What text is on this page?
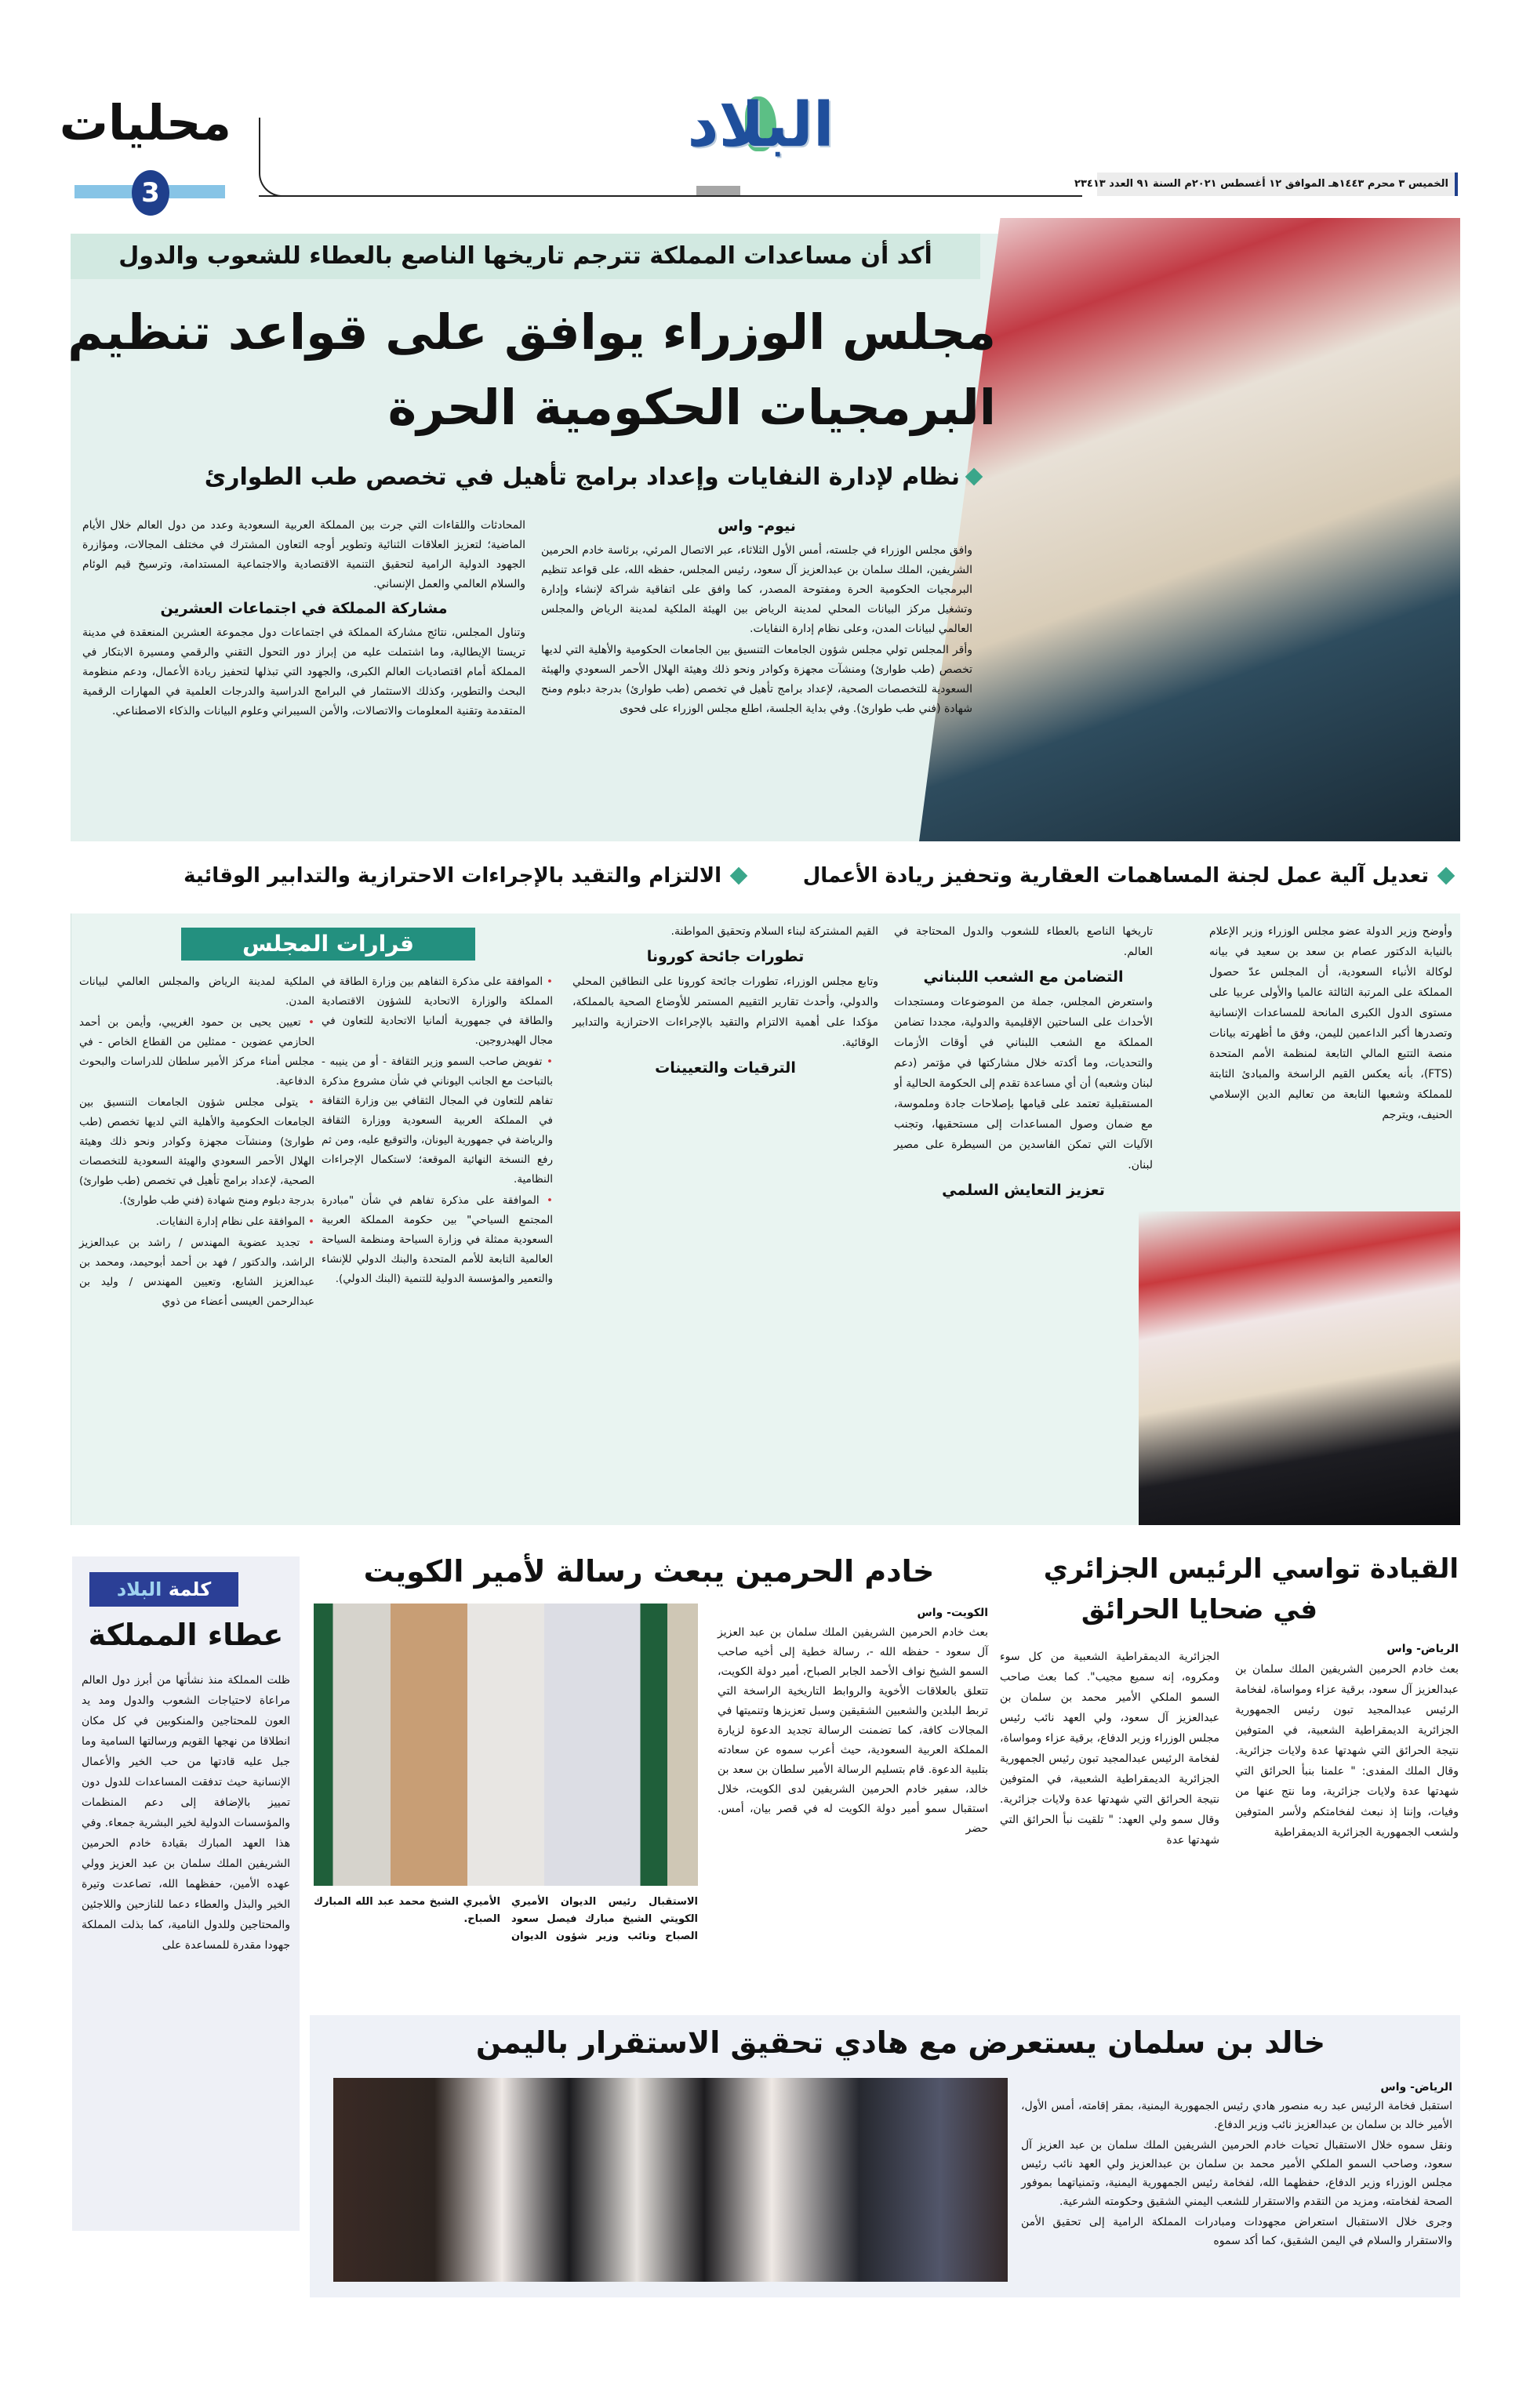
الخميس ٣ محرم ١٤٤٣هـ الموافق ١٢ أغسطس ٢٠٢١م السنة ٩١ العدد ٢٣٤١٣
البلاد
محليات
3
أكد أن مساعدات المملكة تترجم تاريخها الناصع بالعطاء للشعوب والدول
مجلس الوزراء يوافق على قواعد تنظيم
البرمجيات الحكومية الحرة
نظام لإدارة النفايات وإعداد برامج تأهيل في تخصص طب الطوارئ
نيوم- واس

وافق مجلس الوزراء في جلسته، أمس الأول الثلاثاء، عبر الاتصال المرئي، برئاسة خادم الحرمين الشريفين، الملك سلمان بن عبدالعزيز آل سعود، رئيس المجلس، حفظه الله، على قواعد تنظيم البرمجيات الحكومية الحرة ومفتوحة المصدر، كما وافق على اتفاقية شراكة لإنشاء وإدارة وتشغيل مركز البيانات المحلي لمدينة الرياض بين الهيئة الملكية لمدينة الرياض والمجلس العالمي لبيانات المدن، وعلى نظام إدارة النفايات.

وأقر المجلس تولي مجلس شؤون الجامعات التنسيق بين الجامعات الحكومية والأهلية التي لديها تخصص (طب طوارئ) ومنشآت مجهزة وكوادر ونحو ذلك وهيئة الهلال الأحمر السعودي والهيئة السعودية للتخصصات الصحية، لإعداد برامج تأهيل في تخصص (طب طوارئ) بدرجة دبلوم ومنح شهادة (فني طب طوارئ). وفي بداية الجلسة، اطلع مجلس الوزراء على فحوى

المحادثات واللقاءات التي جرت بين المملكة العربية السعودية وعدد من دول العالم خلال الأيام الماضية؛ لتعزيز العلاقات الثنائية وتطوير أوجه التعاون المشترك في مختلف المجالات، ومؤازرة الجهود الدولية الرامية لتحقيق التنمية الاقتصادية والاجتماعية المستدامة، وترسيخ قيم الوئام والسلام العالمي والعمل الإنساني.

مشاركة المملكة في اجتماعات العشرين

وتناول المجلس، نتائج مشاركة المملكة في اجتماعات دول مجموعة العشرين المنعقدة في مدينة تريستا الإيطالية، وما اشتملت عليه من إبراز دور التحول التقني والرقمي ومسيرة الابتكار في المملكة أمام اقتصاديات العالم الكبرى، والجهود التي تبذلها لتحفيز ريادة الأعمال، ودعم منظومة البحث والتطوير، وكذلك الاستثمار في البرامج الدراسية والدرجات العلمية في المهارات الرقمية المتقدمة وتقنية المعلومات والاتصالات، والأمن السيبراني وعلوم البيانات والذكاء الاصطناعي.

تعديل آلية عمل لجنة المساهمات العقارية وتحفيز ريادة الأعمال
الالتزام والتقيد بالإجراءات الاحترازية والتدابير الوقائية

وأوضح وزير الدولة عضو مجلس الوزراء وزير الإعلام بالنيابة الدكتور عصام بن سعد بن سعيد في بيانه لوكالة الأنباء السعودية، أن المجلس عدّ حصول المملكة على المرتبة الثالثة عالميا والأولى عربيا على مستوى الدول الكبرى المانحة للمساعدات الإنسانية وتصدرها أكبر الداعمين لليمن، وفق ما أظهرته بيانات منصة التتبع المالي التابعة لمنظمة الأمم المتحدة (FTS)، بأنه يعكس القيم الراسخة والمبادئ الثابتة للمملكة وشعبها النابعة من تعاليم الدين الإسلامي الحنيف، ويترجم

تاريخها الناصع بالعطاء للشعوب والدول المحتاجة في العالم.

التضامن مع الشعب اللبناني

واستعرض المجلس، جملة من الموضوعات ومستجدات الأحداث على الساحتين الإقليمية والدولية، مجددا تضامن المملكة مع الشعب اللبناني في أوقات الأزمات والتحديات، وما أكدته خلال مشاركتها في مؤتمر (دعم لبنان وشعبه) أن أي مساعدة تقدم إلى الحكومة الحالية أو المستقبلية تعتمد على قيامها بإصلاحات جادة وملموسة، مع ضمان وصول المساعدات إلى مستحقيها، وتجنب الآليات التي تمكن الفاسدين من السيطرة على مصير لبنان.

تعزيز التعايش السلمي

القيم المشتركة لبناء السلام وتحقيق المواطنة.

تطورات جائحة كورونا

وتابع مجلس الوزراء، تطورات جائحة كورونا على النطاقين المحلي والدولي، وأحدث تقارير التقييم المستمر للأوضاع الصحية بالمملكة، مؤكدا على أهمية الالتزام والتقيد بالإجراءات الاحترازية والتدابير الوقائية.

الترقيات والتعيينات
قرارات المجلس

• الموافقة على مذكرة التفاهم بين وزارة الطاقة في المملكة والوزارة الاتحادية للشؤون الاقتصادية والطاقة في جمهورية ألمانيا الاتحادية للتعاون في مجال الهيدروجين.

• تفويض صاحب السمو وزير الثقافة - أو من ينيبه - بالتباحث مع الجانب اليوناني في شأن مشروع مذكرة تفاهم للتعاون في المجال الثقافي بين وزارة الثقافة في المملكة العربية السعودية ووزارة الثقافة والرياضة في جمهورية اليونان، والتوقيع عليه، ومن ثم رفع النسخة النهائية الموقعة؛ لاستكمال الإجراءات النظامية.

• الموافقة على مذكرة تفاهم في شأن "مبادرة المجتمع السياحي" بين حكومة المملكة العربية السعودية ممثلة في وزارة السياحة ومنظمة السياحة العالمية التابعة للأمم المتحدة والبنك الدولي للإنشاء والتعمير والمؤسسة الدولية للتنمية (البنك الدولي).

الملكية لمدينة الرياض والمجلس العالمي لبيانات المدن.

• تعيين يحيى بن حمود الغريبي، وأيمن بن أحمد الحازمي عضوين - ممثلين من القطاع الخاص - في مجلس أمناء مركز الأمير سلطان للدراسات والبحوث الدفاعية.

• يتولى مجلس شؤون الجامعات التنسيق بين الجامعات الحكومية والأهلية التي لديها تخصص (طب طوارئ) ومنشآت مجهزة وكوادر ونحو ذلك وهيئة الهلال الأحمر السعودي والهيئة السعودية للتخصصات الصحية، لإعداد برامج تأهيل في تخصص (طب طوارئ) بدرجة دبلوم ومنح شهادة (فني طب طوارئ).

• الموافقة على نظام إدارة النفايات.

• تجديد عضوية المهندس / راشد بن عبدالعزيز الراشد، والدكتور / فهد بن أحمد أبوحيمد، ومحمد بن عبدالعزيز الشايع، وتعيين المهندس / وليد بن عبدالرحمن العيسى أعضاء من ذوي

القيادة تواسي الرئيس الجزائري
في ضحايا الحرائق
الرياض- واس

بعث خادم الحرمين الشريفين الملك سلمان بن عبدالعزيز آل سعود، برقية عزاء ومواساة، لفخامة الرئيس عبدالمجيد تبون رئيس الجمهورية الجزائرية الديمقراطية الشعبية، في المتوفين نتيجة الحرائق التي شهدتها عدة ولايات جزائرية. وقال الملك المفدى: " علمنا بنبأ الحرائق التي شهدتها عدة ولايات جزائرية، وما نتج عنها من وفيات، وإننا إذ نبعث لفخامتكم ولأسر المتوفين ولشعب الجمهورية الجزائرية الديمقراطية

الجزائرية الديمقراطية الشعبية من كل سوء ومكروه، إنه سميع مجيب". كما بعث صاحب السمو الملكي الأمير محمد بن سلمان بن عبدالعزيز آل سعود، ولي العهد نائب رئيس مجلس الوزراء وزير الدفاع، برقية عزاء ومواساة، لفخامة الرئيس عبدالمجيد تبون رئيس الجمهورية الجزائرية الديمقراطية الشعبية، في المتوفين نتيجة الحرائق التي شهدتها عدة ولايات جزائرية. وقال سمو ولي العهد: " تلقيت نبأ الحرائق التي شهدتها عدة

خادم الحرمين يبعث رسالة لأمير الكويت
الاستقبال رئيس الديوان الأميري الكويتي الشيخ مبارك فيصل سعود الصباح ونائب وزير شؤون الديوان الأميري الشيخ محمد عبد الله المبارك الصباح.
الكويت- واس

بعث خادم الحرمين الشريفين الملك سلمان بن عبد العزيز آل سعود - حفظه الله -، رسالة خطية إلى أخيه صاحب السمو الشيخ نواف الأحمد الجابر الصباح، أمير دولة الكويت، تتعلق بالعلاقات الأخوية والروابط التاريخية الراسخة التي تربط البلدين والشعبين الشقيقين وسبل تعزيزها وتنميتها في المجالات كافة، كما تضمنت الرسالة تجديد الدعوة لزيارة المملكة العربية السعودية، حيث أعرب سموه عن سعادته بتلبية الدعوة. قام بتسليم الرسالة الأمير سلطان بن سعد بن خالد، سفير خادم الحرمين الشريفين لدى الكويت، خلال استقبال سمو أمير دولة الكويت له في قصر بيان، أمس. حضر

كلمة البلاد
عطاء المملكة
ظلت المملكة منذ نشأتها من أبرز دول العالم مراعاة لاحتياجات الشعوب والدول ومد يد العون للمحتاجين والمنكوبين في كل مكان انطلاقا من نهجها القويم ورسالتها السامية وما جبل عليه قادتها من حب الخير والأعمال الإنسانية حيث تدفقت المساعدات للدول دون تمييز بالإضافة إلى دعم المنظمات والمؤسسات الدولية لخير البشرية جمعاء. وفي هذا العهد المبارك بقيادة خادم الحرمين الشريفين الملك سلمان بن عبد العزيز وولي عهده الأمين، حفظهما الله، تصاعدت وتيرة الخير والبذل والعطاء دعما للنازحين واللاجئين والمحتاجين وللدول النامية، كما بذلت المملكة جهودا مقدرة للمساعدة على
خالد بن سلمان يستعرض مع هادي تحقيق الاستقرار باليمن
الرياض- واس

استقبل فخامة الرئيس عبد ربه منصور هادي رئيس الجمهورية اليمنية، بمقر إقامته، أمس الأول، الأمير خالد بن سلمان بن عبدالعزيز نائب وزير الدفاع.

ونقل سموه خلال الاستقبال تحيات خادم الحرمين الشريفين الملك سلمان بن عبد العزيز آل سعود، وصاحب السمو الملكي الأمير محمد بن سلمان بن عبدالعزيز ولي العهد نائب رئيس مجلس الوزراء وزير الدفاع، حفظهما الله، لفخامة رئيس الجمهورية اليمنية، وتمنياتهما بموفور الصحة لفخامته، ومزيد من التقدم والاستقرار للشعب اليمني الشقيق وحكومته الشرعية.

وجرى خلال الاستقبال استعراض مجهودات ومبادرات المملكة الرامية إلى تحقيق الأمن والاستقرار والسلام في اليمن الشقيق، كما أكد سموه
